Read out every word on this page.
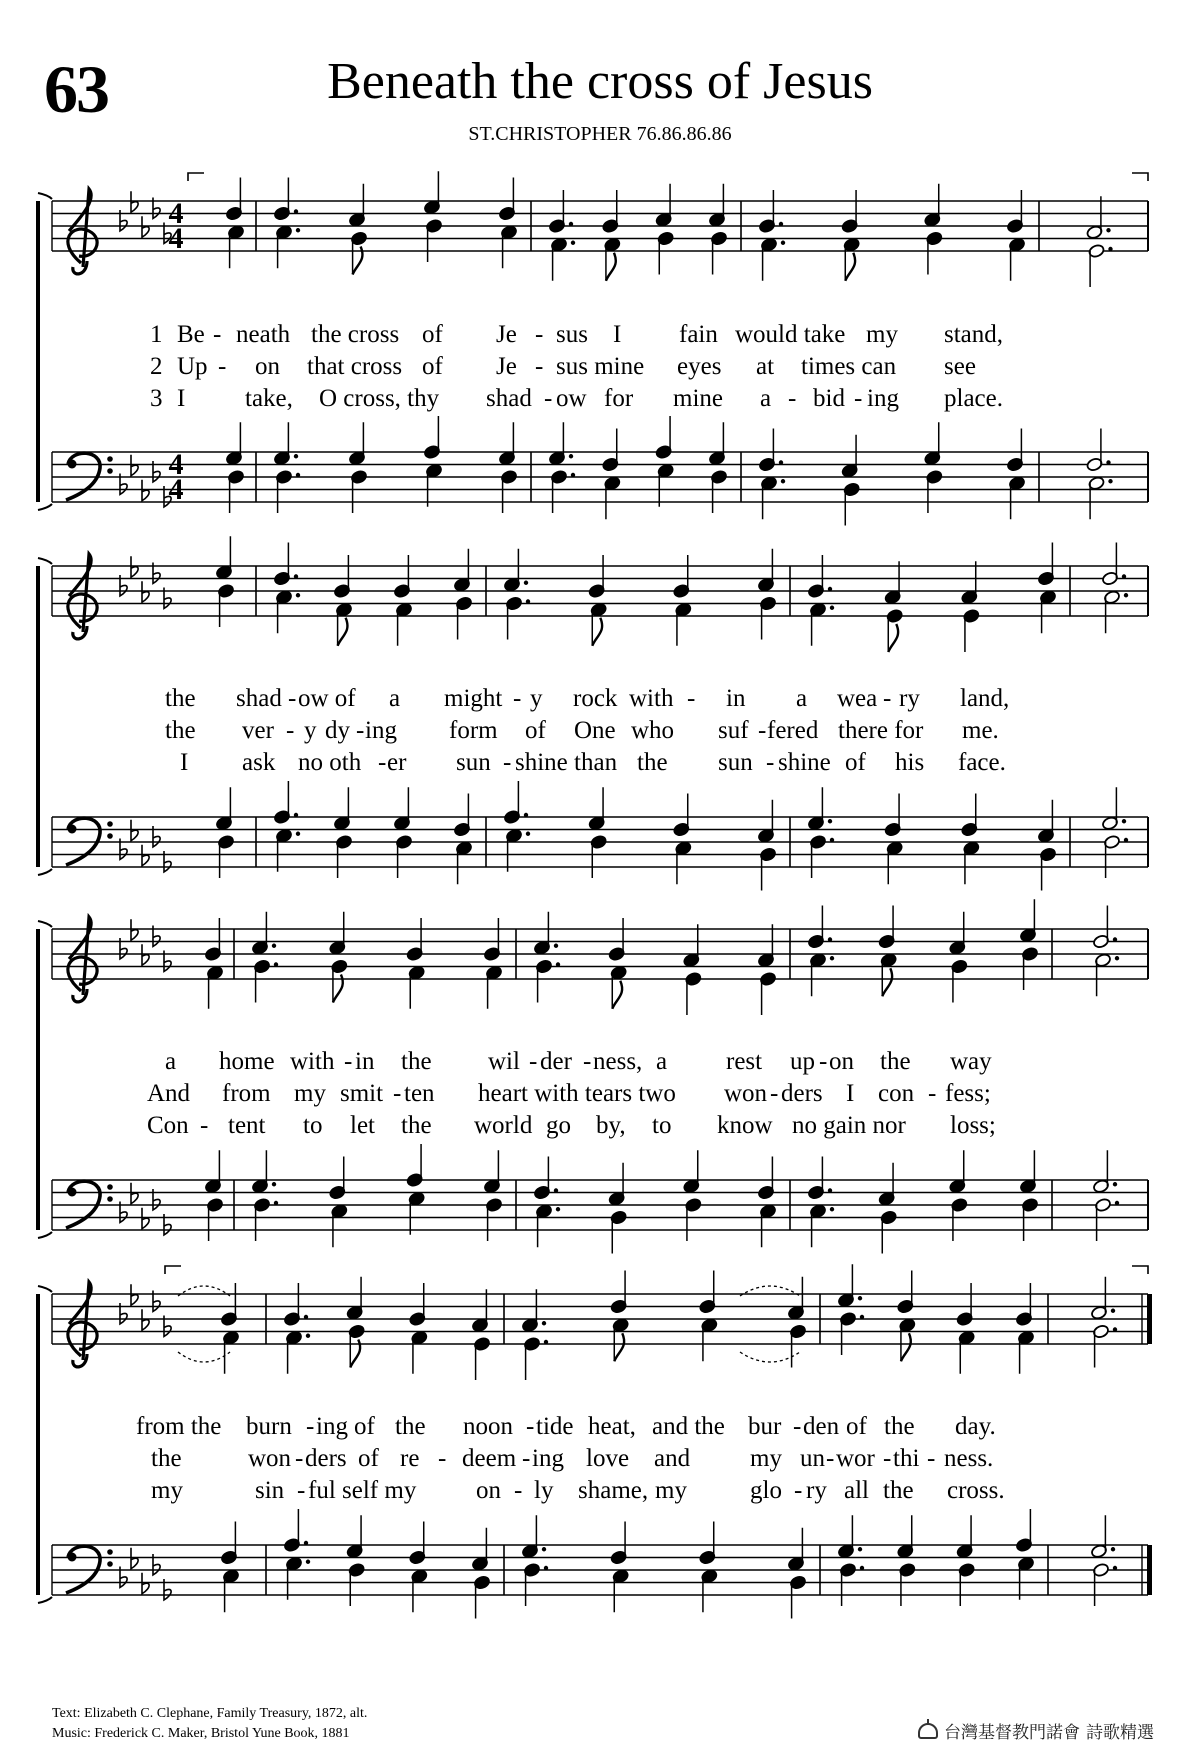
63	Beneath the cross of Jesus
ST.CHRISTOPHER 76.86.86.86
4
4
4
4
1 Be - neath the cross of Je - sus I fain would take my stand,
2 Up - on that cross of Je - sus mine eyes at times can see
3 I take, O cross, thy shad - ow for mine a - bid - ing place.
the shad - ow of a might - y rock with - in a wea - ry land,
the ver - y dy - ing form of One who suf - fered there for me.
I ask no oth - er sun - shine than the sun - shine of his face.
a home with - in the wil - der - ness, a rest up - on the way
And from my smit - ten heart with tears two won - ders I con - fess;
Con - tent to let the world go by, to know no gain nor loss;
from the burn - ing of the noon - tide heat, and the bur - den of the day.
the	won - ders of re - deem - ing love and my un - wor - thi - ness.
my	sin - ful self my on - ly shame, my	glo - ry all the cross.
Text: Elizabeth C. Clephane, Family Treasury, 1872, alt.
Music: Frederick C. Maker, Bristol Yune Book, 1881	台灣基督教門諾會 詩歌精選
